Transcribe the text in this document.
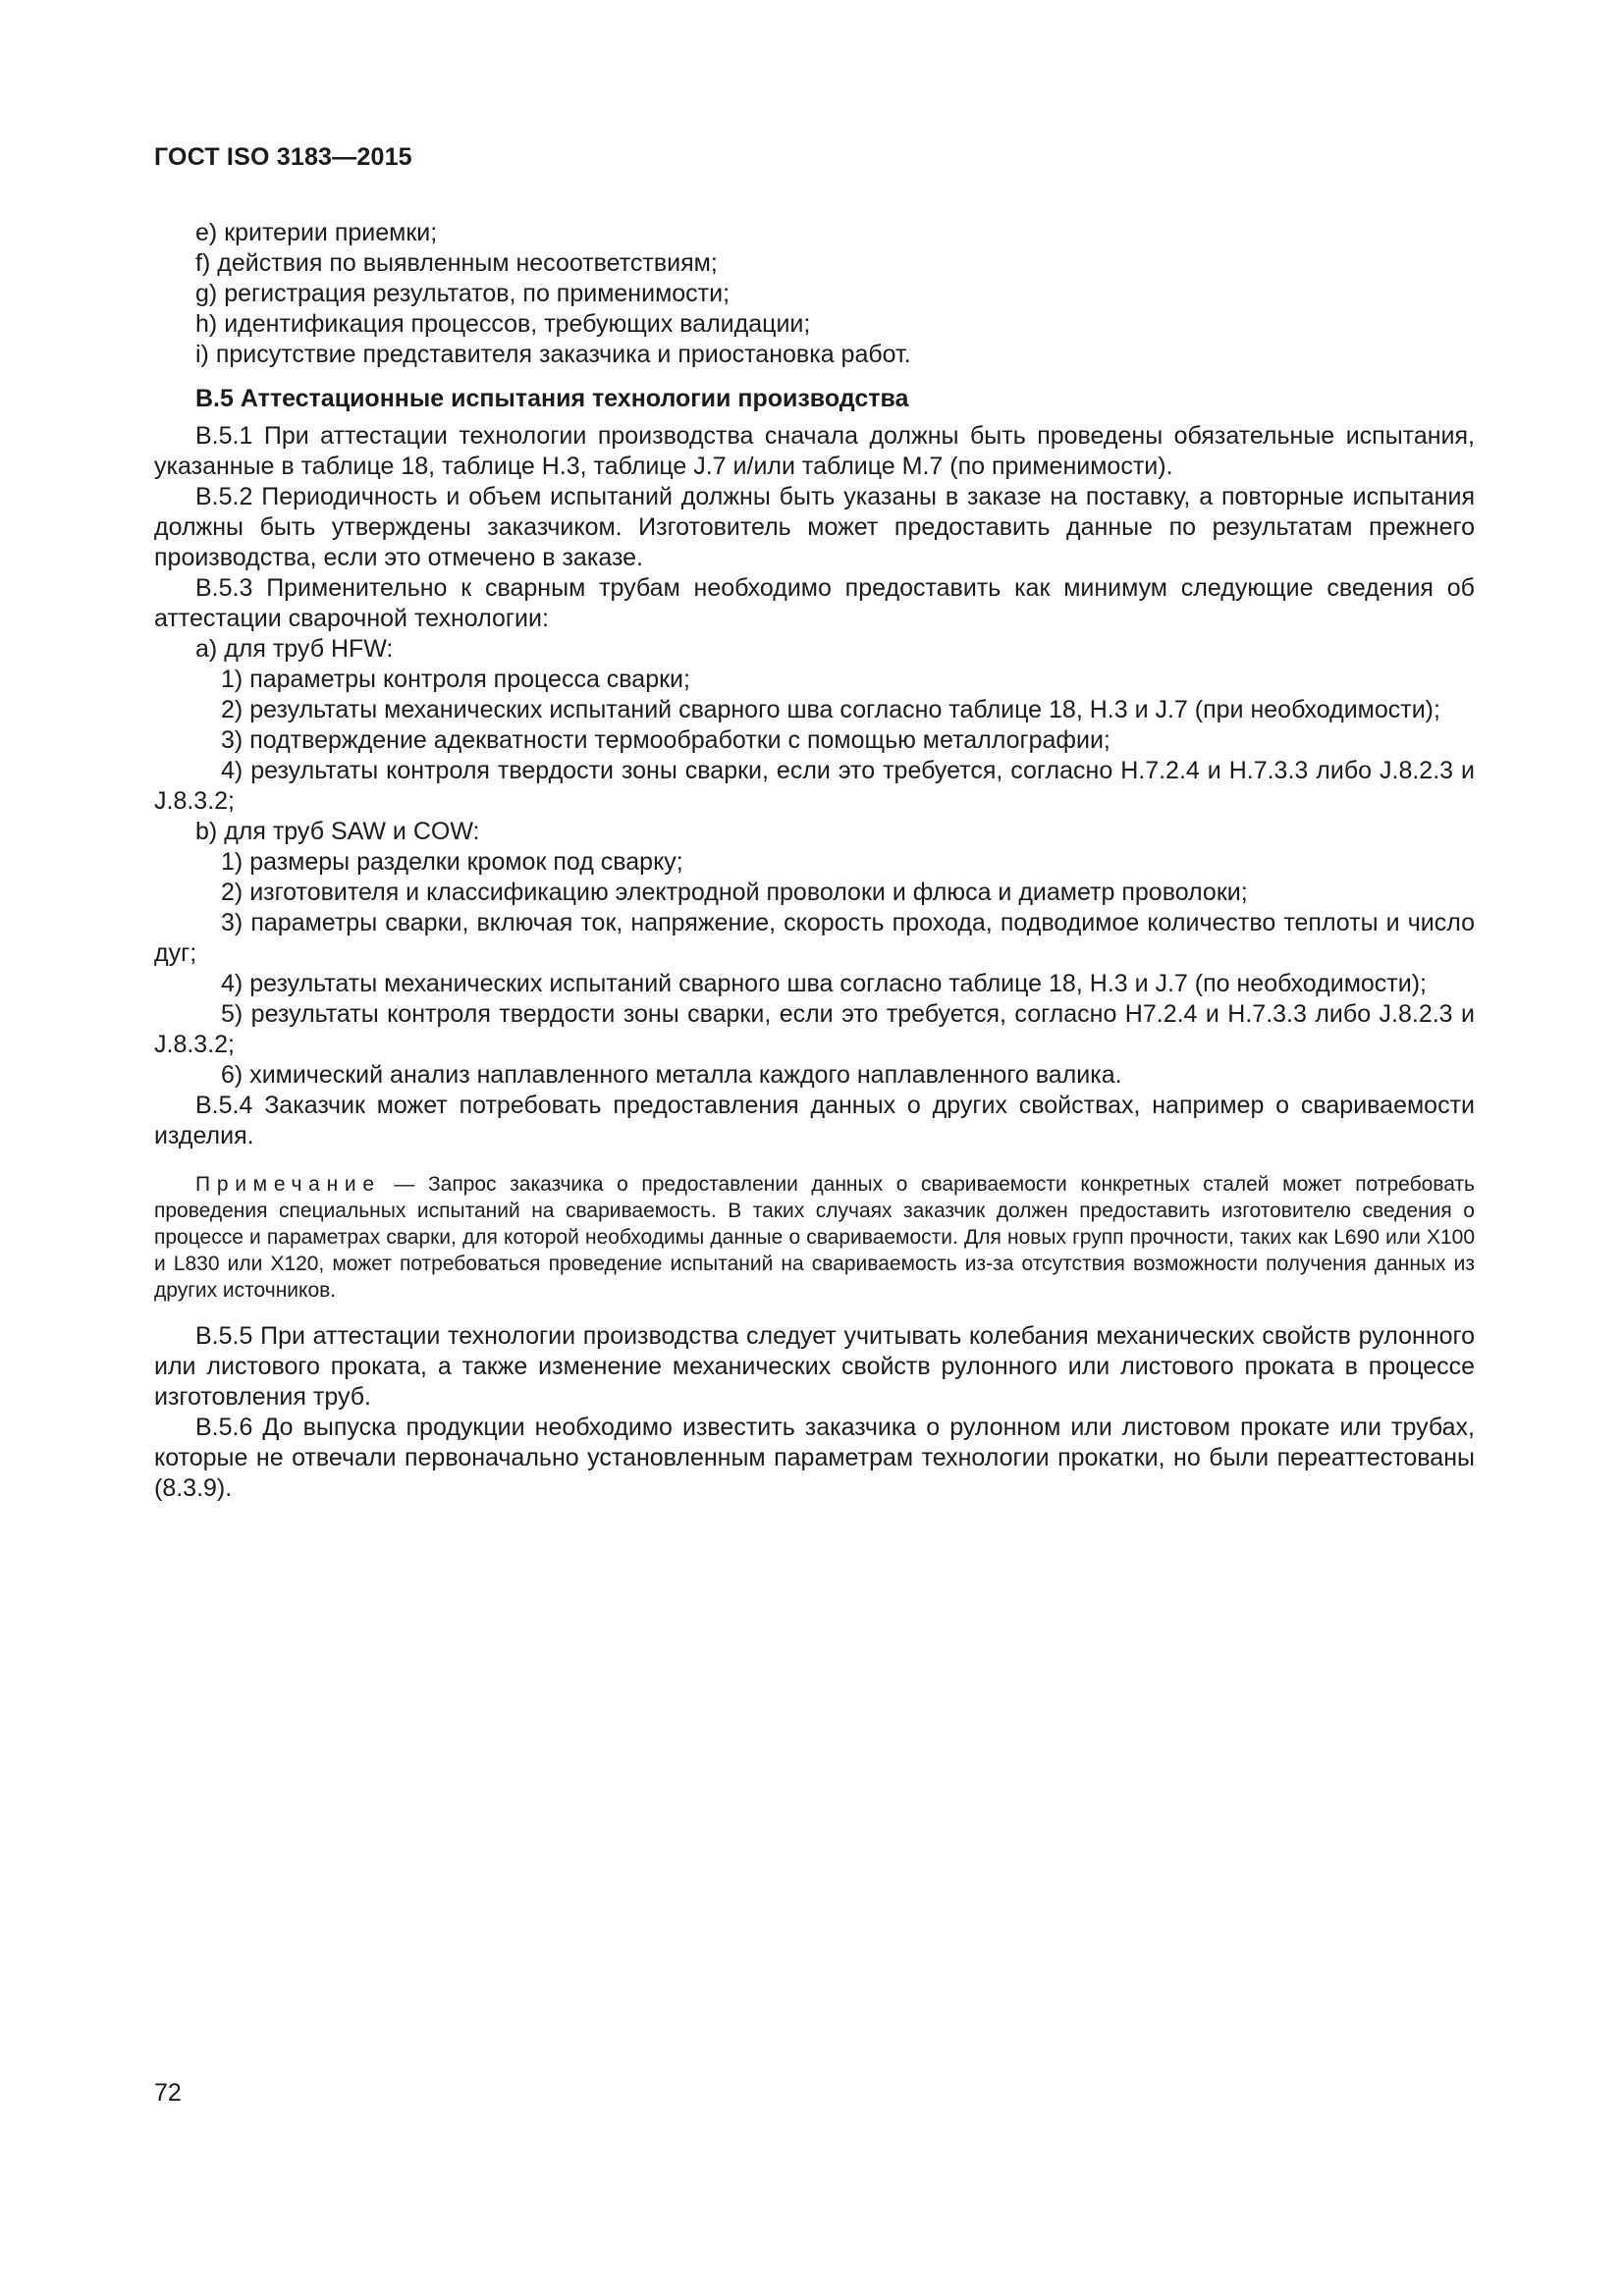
ГОСТ ISO 3183—2015

e) критерии приемки;

f) действия по выявленным несоответствиям;

g) регистрация результатов, по применимости;

h) идентификация процессов, требующих валидации;

i) присутствие представителя заказчика и приостановка работ.

В.5 Аттестационные испытания технологии производства

В.5.1 При аттестации технологии производства сначала должны быть проведены обязательные испытания, указанные в таблице 18, таблице Н.3, таблице J.7 и/или таблице М.7 (по применимости).

В.5.2 Периодичность и объем испытаний должны быть указаны в заказе на поставку, а повторные испытания должны быть утверждены заказчиком. Изготовитель может предоставить данные по результатам прежнего производства, если это отмечено в заказе.

В.5.3 Применительно к сварным трубам необходимо предоставить как минимум следующие сведения об аттестации сварочной технологии:

a) для труб HFW:

1) параметры контроля процесса сварки;

2) результаты механических испытаний сварного шва согласно таблице 18, Н.3 и J.7 (при необходимости);

3) подтверждение адекватности термообработки с помощью металлографии;

4) результаты контроля твердости зоны сварки, если это требуется, согласно Н.7.2.4 и Н.7.3.3 либо J.8.2.3 и J.8.3.2;

b) для труб SAW и COW:

1) размеры разделки кромок под сварку;

2) изготовителя и классификацию электродной проволоки и флюса и диаметр проволоки;

3) параметры сварки, включая ток, напряжение, скорость прохода, подводимое количество теплоты и число дуг;

4) результаты механических испытаний сварного шва согласно таблице 18, Н.3 и J.7 (по необходимости);

5) результаты контроля твердости зоны сварки, если это требуется, согласно Н7.2.4 и Н.7.3.3 либо J.8.2.3 и J.8.3.2;

6) химический анализ наплавленного металла каждого наплавленного валика.

В.5.4 Заказчик может потребовать предоставления данных о других свойствах, например о свариваемости изделия.

Примечание — Запрос заказчика о предоставлении данных о свариваемости конкретных сталей может потребовать проведения специальных испытаний на свариваемость. В таких случаях заказчик должен предоставить изготовителю сведения о процессе и параметрах сварки, для которой необходимы данные о свариваемости. Для новых групп прочности, таких как L690 или Х100 и L830 или Х120, может потребоваться проведение испытаний на свариваемость из-за отсутствия возможности получения данных из других источников.

В.5.5 При аттестации технологии производства следует учитывать колебания механических свойств рулонного или листового проката, а также изменение механических свойств рулонного или листового проката в процессе изготовления труб.

В.5.6 До выпуска продукции необходимо известить заказчика о рулонном или листовом прокате или трубах, которые не отвечали первоначально установленным параметрам технологии прокатки, но были переаттестованы (8.3.9).

72
